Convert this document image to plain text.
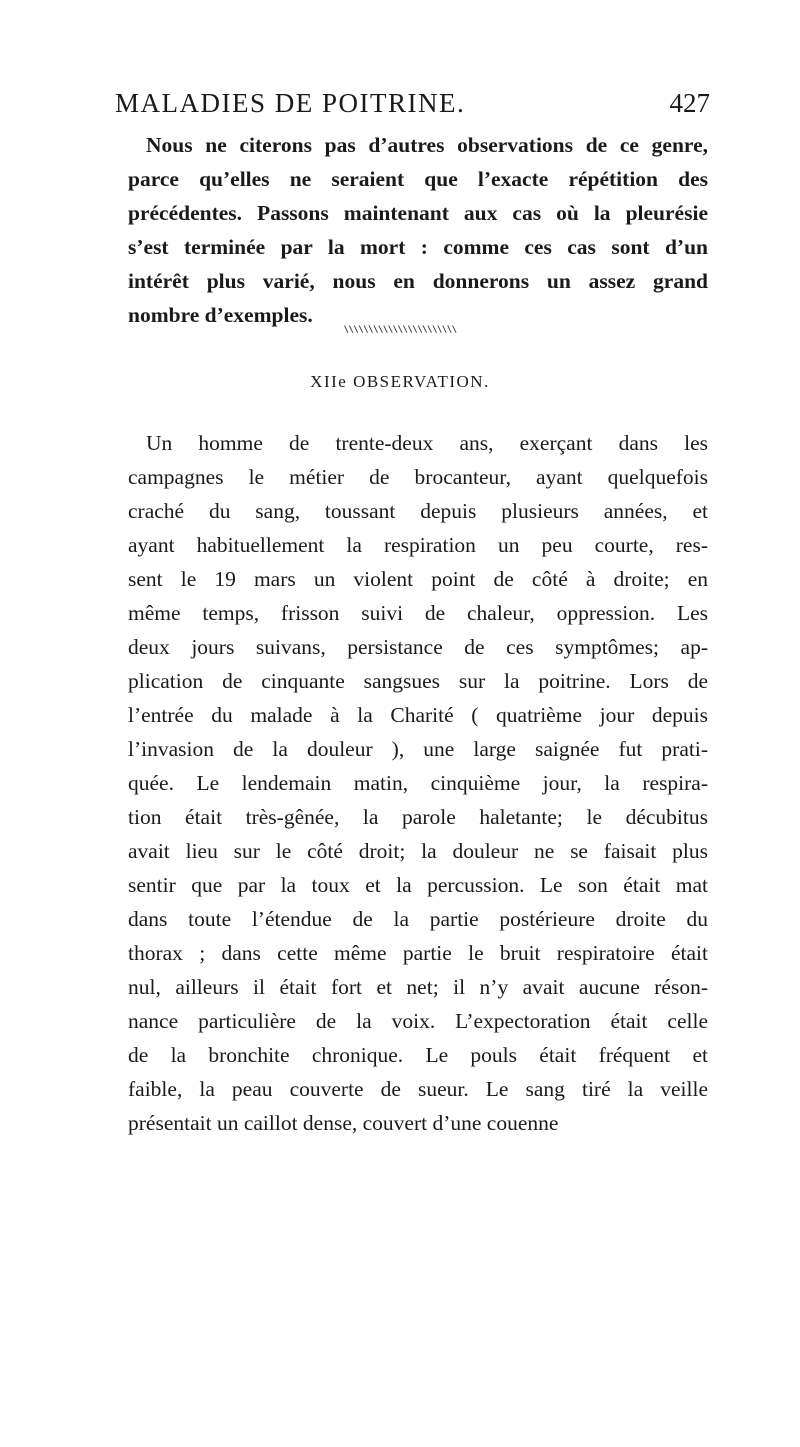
MALADIES DE POITRINE.	427
Nous ne citerons pas d’autres observations de ce genre,
parce qu’elles ne seraient que l’exacte répétition des
précédentes. Passons maintenant aux cas où la pleurésie
s’est terminée par la mort : comme ces cas sont d’un
intérêt plus varié, nous en donnerons un assez grand
nombre d’exemples.
\\\\\\\\\\\\\\\\\\\\\\\
XIIe OBSERVATION.
Un homme de trente-deux ans, exerçant dans les
campagnes le métier de brocanteur, ayant quelquefois
craché du sang, toussant depuis plusieurs années, et
ayant habituellement la respiration un peu courte, res-
sent le 19 mars un violent point de côté à droite; en
même temps, frisson suivi de chaleur, oppression. Les
deux jours suivans, persistance de ces symptômes; ap-
plication de cinquante sangsues sur la poitrine. Lors de
l’entrée du malade à la Charité ( quatrième jour depuis
l’invasion de la douleur ), une large saignée fut prati-
quée. Le lendemain matin, cinquième jour, la respira-
tion était très-gênée, la parole haletante; le décubitus
avait lieu sur le côté droit; la douleur ne se faisait plus
sentir que par la toux et la percussion. Le son était mat
dans toute l’étendue de la partie postérieure droite du
thorax ; dans cette même partie le bruit respiratoire était
nul, ailleurs il était fort et net; il n’y avait aucune réson-
nance particulière de la voix. L’expectoration était celle
de la bronchite chronique. Le pouls était fréquent et
faible, la peau couverte de sueur. Le sang tiré la veille
présentait un caillot dense, couvert d’une couenne
